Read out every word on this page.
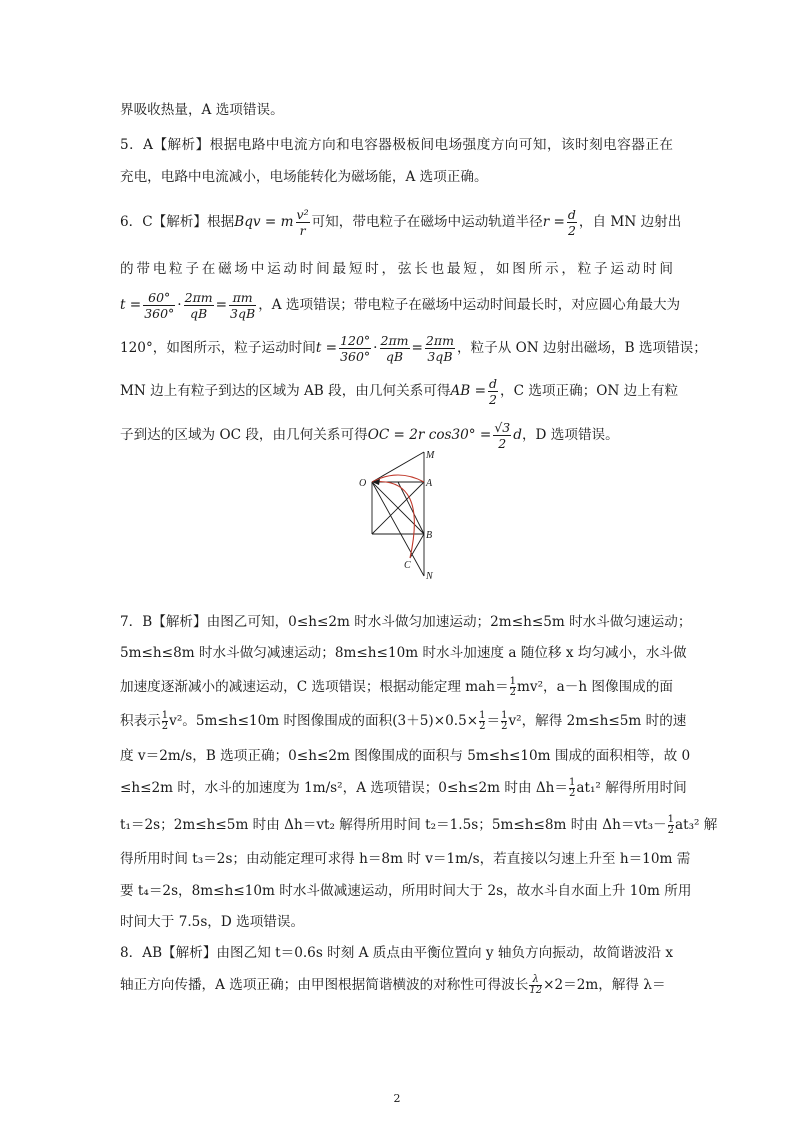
界吸收热量，A 选项错误。
5．A【解析】根据电路中电流方向和电容器极板间电场强度方向可知，该时刻电容器正在
充电，电路中电流减小，电场能转化为磁场能，A 选项正确。
6．C【解析】根据Bqv = m $\frac{\text{v²}}{r}$ 可知，带电粒子在磁场中运动轨道半径$r = \frac{d}{2}$ ，自 MN 边射出
的带电粒子在磁场中运动时间最短时，弦长也最短，如图所示，粒子运动时间
$t = \frac{60^\circ}{360^\circ} \cdot \frac{2\pi m}{qB} = \frac{\pi m}{3qB}$ ，A 选项错误；带电粒子在磁场中运动时间最长时，对应圆心角最大为
120°，如图所示，粒子运动时间$t = \frac{120^\circ}{360^\circ} \cdot \frac{2\pi m}{qB} = \frac{2\pi m}{3qB}$ ，粒子从 ON 边射出磁场，B 选项错误；
MN 边上有粒子到达的区域为 AB 段，由几何关系可得AB = $\frac{d}{2}$ ，C 选项正确；ON 边上有粒
子到达的区域为 OC 段，由几何关系可得OC = 2r $\cos 30^\circ = \frac{√3}{2}$ d，D 选项错误。
O
M
A
B
C
N
7．B【解析】由图乙可知，0≤h≤2m 时水斗做匀加速运动；2m≤h≤5m 时水斗做匀速运动；
5m≤h≤8m 时水斗做匀减速运动；8m≤h≤10m 时水斗加速度 a 随位移 x 均匀减小，水斗做
加速度逐渐减小的减速运动，C 选项错误；根据动能定理 $mah= \frac{1}{2} mv^2$，a－h 图像围成的面
积表示 $\frac{1}{2} v^2$。5m≤h≤10m 时图像围成的面积$(3+5)\times 0.5\times \frac{1}{2} = \frac{1}{2} v^2$，解得 2m≤h≤5m 时的速
度 v＝2m/s，B 选项正确；0≤h≤2m 图像围成的面积与 5m≤h≤10m 围成的面积相等，故 0
≤h≤2m 时，水斗的加速度为 1m/s²，A 选项错误；0≤h≤2m 时由 $\Delta h= \frac{1}{2} at_1^2$ 解得所用时间
t₁＝2s；2m≤h≤5m 时由 Δh＝vt₂ 解得所用时间 t₂＝1.5s；5m≤h≤8m 时由 $\Delta h=vt_3- \frac{1}{2} at_3^2$ 解
得所用时间 t₃＝2s；由动能定理可求得 h＝8m 时 v＝1m/s，若直接以匀速上升至 h＝10m 需
要 t₄＝2s，8m≤h≤10m 时水斗做减速运动，所用时间大于 2s，故水斗自水面上升 10m 所用
时间大于 7.5s，D 选项错误。
8．AB【解析】由图乙知 t＝0.6s 时刻 A 质点由平衡位置向 y 轴负方向振动，故简谐波沿 x
轴正方向传播，A 选项正确；由甲图根据简谐横波的对称性可得波长 $\frac{\lambda}{12} \times 2=2m$，解得 λ＝
2
